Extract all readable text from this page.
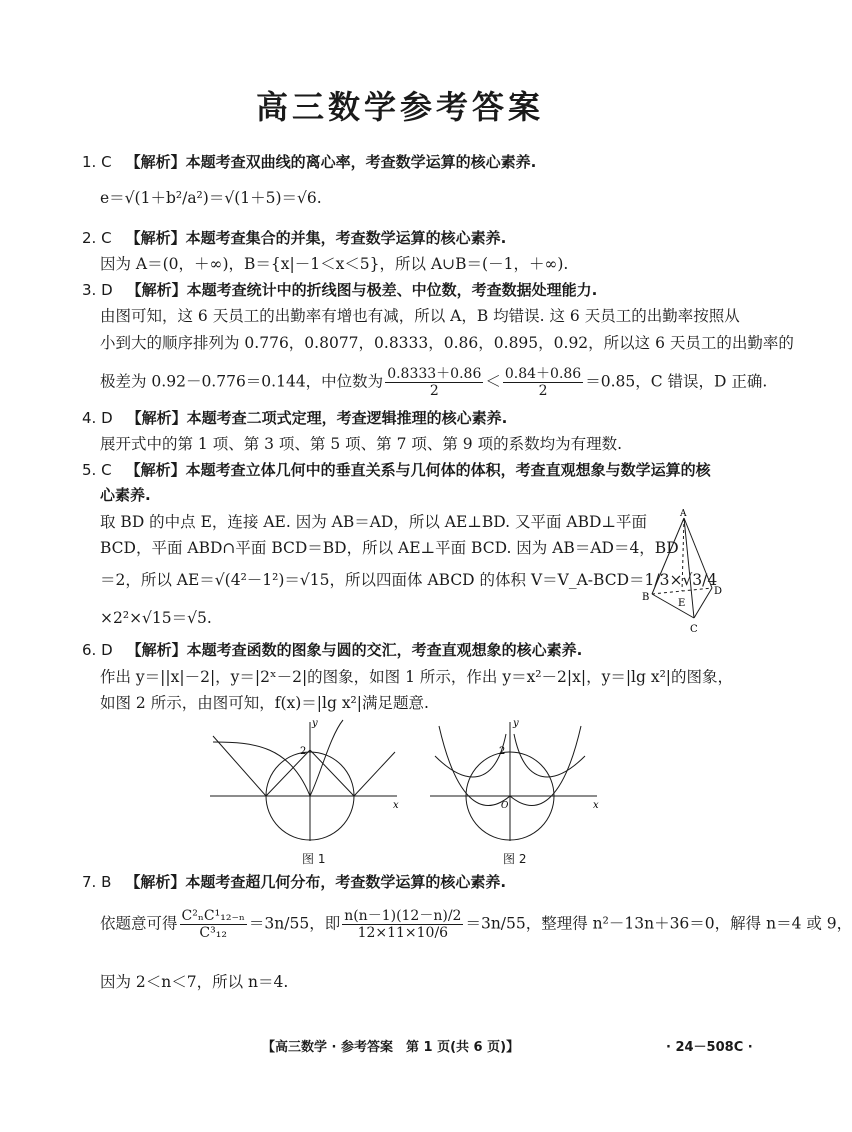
高三数学参考答案
1. C 【解析】本题考查双曲线的离心率，考查数学运算的核心素养.
e＝√(1＋b²/a²)＝√(1＋5)＝√6.
2. C 【解析】本题考查集合的并集，考查数学运算的核心素养.
因为 A＝(0，＋∞)，B＝{x|－1＜x＜5}，所以 A∪B＝(－1，＋∞).
3. D 【解析】本题考查统计中的折线图与极差、中位数，考查数据处理能力.
由图可知，这 6 天员工的出勤率有增也有减，所以 A，B 均错误. 这 6 天员工的出勤率按照从
小到大的顺序排列为 0.776，0.8077，0.8333，0.86，0.895，0.92，所以这 6 天员工的出勤率的
极差为 0.92－0.776＝0.144，中位数为 $\frac{0.8333+0.86}{2} < \frac{0.84+0.86}{2} =0.85$，C 错误，D 正确.
4. D 【解析】本题考查二项式定理，考查逻辑推理的核心素养.
展开式中的第 1 项、第 3 项、第 5 项、第 7 项、第 9 项的系数均为有理数.
5. C 【解析】本题考查立体几何中的垂直关系与几何体的体积，考查直观想象与数学运算的核
心素养.
取 BD 的中点 E，连接 AE. 因为 AB＝AD，所以 AE⊥BD. 又平面 ABD⊥平面
BCD，平面 ABD∩平面 BCD＝BD，所以 AE⊥平面 BCD. 因为 AB＝AD＝4，BD
＝2，所以 AE＝√(4²－1²)＝√15，所以四面体 ABCD 的体积 V＝V_A-BCD＝1/3×√3/4
×2²×√15＝√5.
A
B
C
D
E
6. D 【解析】本题考查函数的图象与圆的交汇，考查直观想象的核心素养.
作出 y＝||x|－2|，y＝|2ˣ－2|的图象，如图 1 所示，作出 y＝x²－2|x|，y＝|lg x²|的图象，
如图 2 所示，由图可知，f(x)＝|lg x²|满足题意.
y
x
2
图 1
y
x
2
O
图 2
7. B 【解析】本题考查超几何分布，考查数学运算的核心素养.
依题意可得 $\frac{\text{C²ₙC¹₁₂₋ₙ}}{\text{C³₁₂}} =3n/55$，即 $\frac{n(n-1)(12-n)/2}{12\times 11\times 10/6} =3n/55$，整理得 n²－13n＋36＝0，解得 n＝4 或 9，
因为 2＜n＜7，所以 n＝4.
【高三数学 · 参考答案　第 1 页(共 6 页)】	· 24－508C ·
